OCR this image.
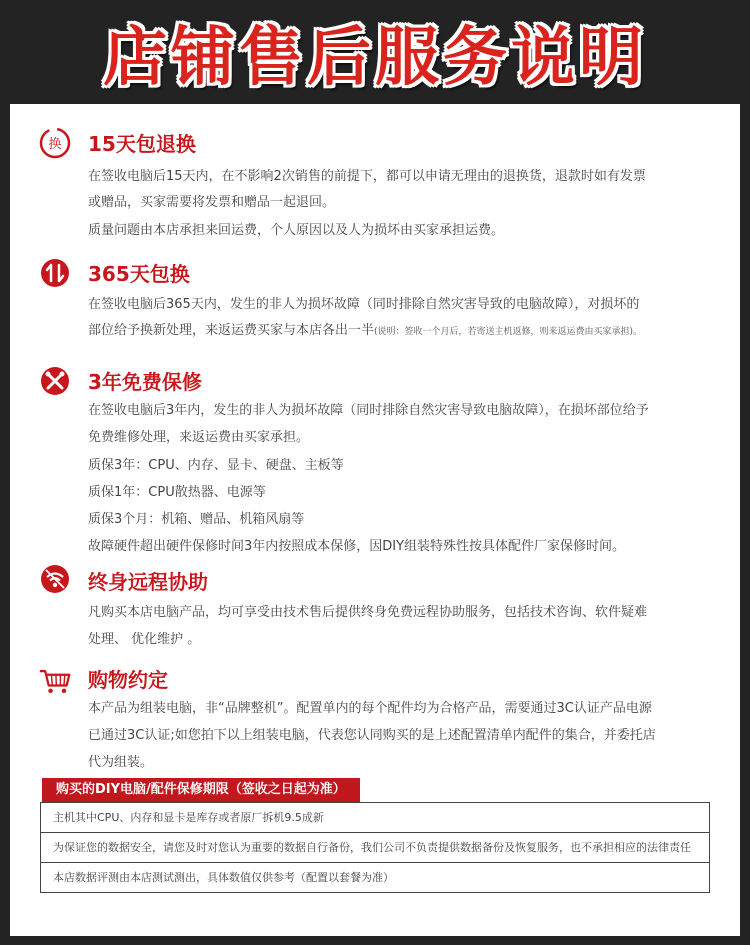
店铺售后服务说明
换 15天包退换
在签收电脑后15天内，在不影响2次销售的前提下，都可以申请无理由的退换货，退款时如有发票
或赠品，买家需要将发票和赠品一起退回。
质量问题由本店承担来回运费，个人原因以及人为损坏由买家承担运费。
365天包换
在签收电脑后365天内，发生的非人为损坏故障（同时排除自然灾害导致的电脑故障），对损坏的
部位给予换新处理，来返运费买家与本店各出一半(说明：签收一个月后，若寄送主机返修，则来返运费由买家承担)。
3年免费保修
在签收电脑后3年内，发生的非人为损坏故障（同时排除自然灾害导致电脑故障），在损坏部位给予
免费维修处理，来返运费由买家承担。
质保3年：CPU、内存、显卡、硬盘、主板等
质保1年：CPU散热器、电源等
质保3个月：机箱、赠品、机箱风扇等
故障硬件超出硬件保修时间3年内按照成本保修，因DIY组装特殊性按具体配件厂家保修时间。
终身远程协助
凡购买本店电脑产品，均可享受由技术售后提供终身免费远程协助服务，包括技术咨询、软件疑难
处理、 优化维护 。
购物约定
本产品为组装电脑，非“品牌整机”。配置单内的每个配件均为合格产品，需要通过3C认证产品电源
已通过3C认证;如您拍下以上组装电脑，代表您认同购买的是上述配置清单内配件的集合，并委托店
代为组装。
购买的DIY电脑/配件保修期限（签收之日起为准）
主机其中CPU、内存和显卡是库存或者原厂拆机9.5成新
为保证您的数据安全，请您及时对您认为重要的数据自行备份，我们公司不负责提供数据备份及恢复服务，也不承担相应的法律责任
本店数据评测由本店测试测出，具体数值仅供参考（配置以套餐为准）
